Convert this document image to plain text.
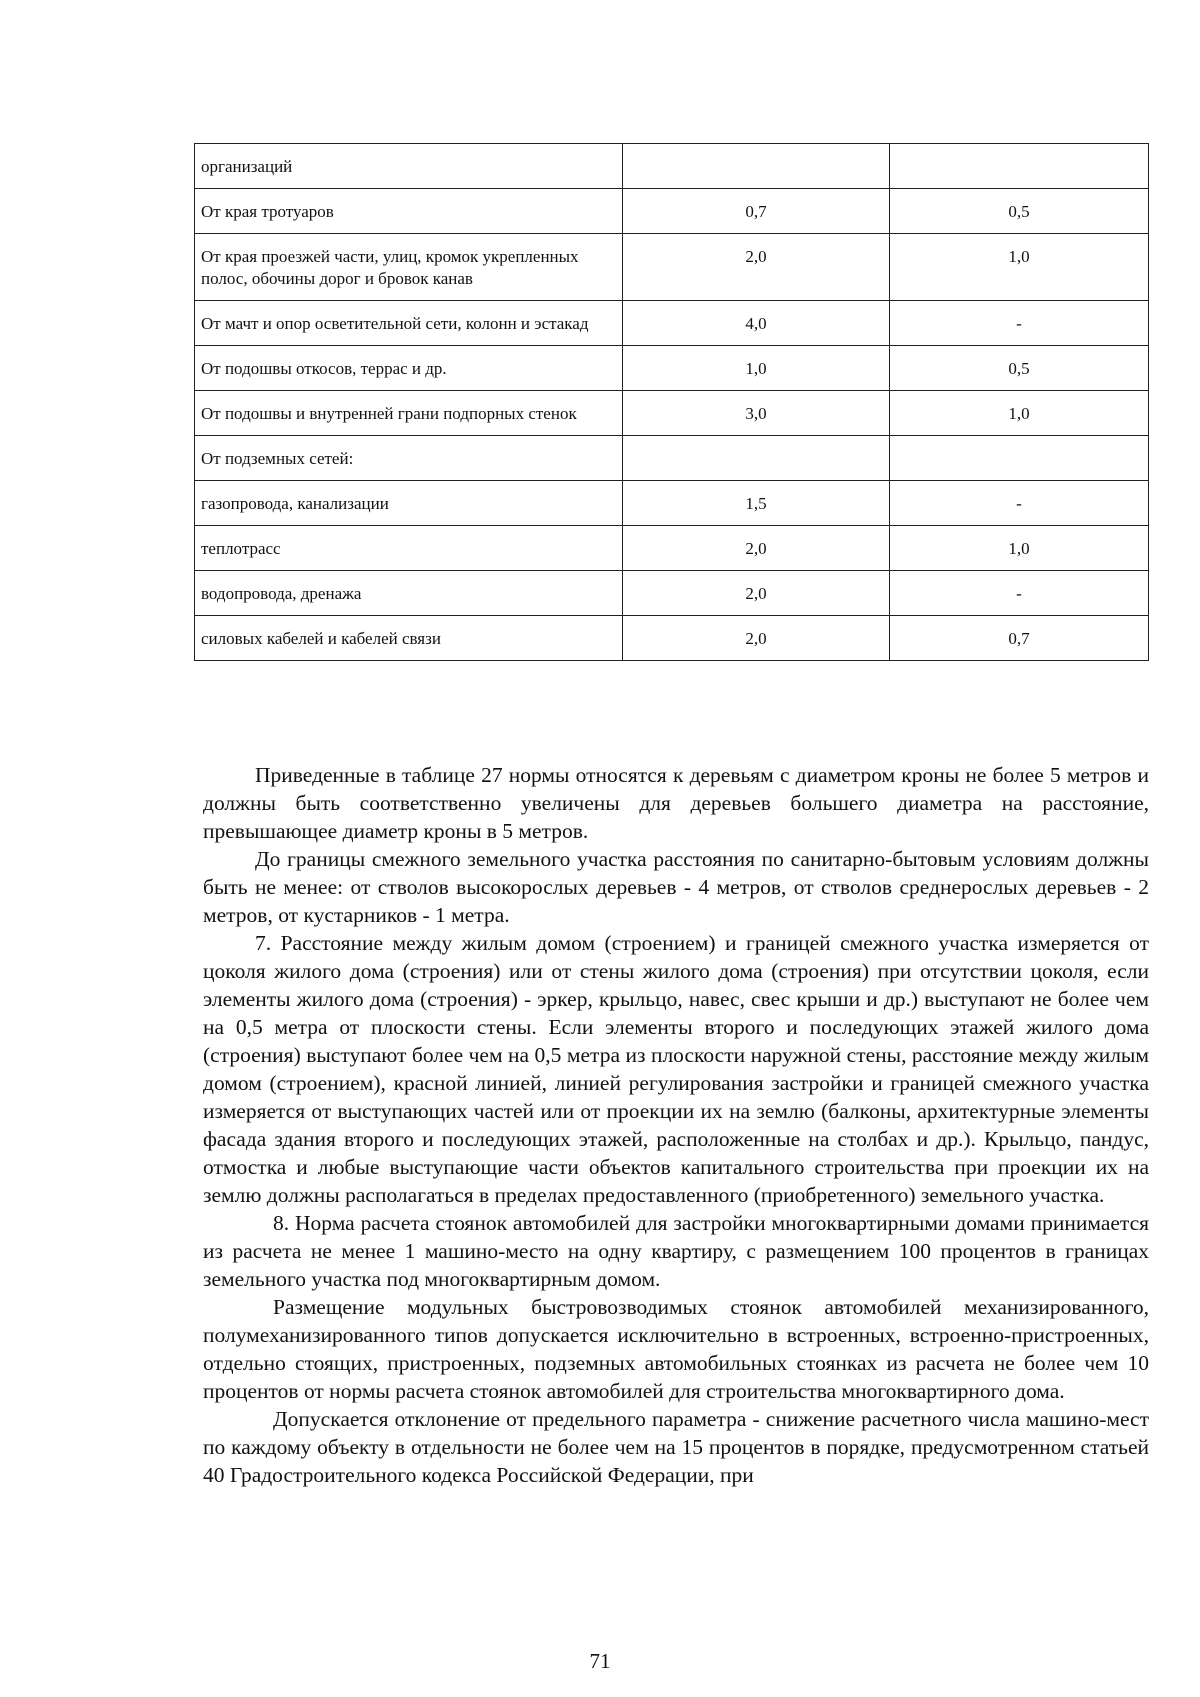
организаций		
От края тротуаров	0,7	0,5
От края проезжей части, улиц, кромок укрепленных полос, обочины дорог и бровок канав	2,0	1,0
От мачт и опор осветительной сети, колонн и эстакад	4,0	-
От подошвы откосов, террас и др.	1,0	0,5
От подошвы и внутренней грани подпорных стенок	3,0	1,0
От подземных сетей:		
газопровода, канализации	1,5	-
теплотрасс	2,0	1,0
водопровода, дренажа	2,0	-
силовых кабелей и кабелей связи	2,0	0,7

Приведенные в таблице 27 нормы относятся к деревьям с диаметром кроны не более 5 метров и должны быть соответственно увеличены для деревьев большего диаметра на расстояние, превышающее диаметр кроны в 5 метров.

До границы смежного земельного участка расстояния по санитарно-бытовым условиям должны быть не менее: от стволов высокорослых деревьев - 4 метров, от стволов среднерослых деревьев - 2 метров, от кустарников - 1 метра.

7. Расстояние между жилым домом (строением) и границей смежного участка измеряется от цоколя жилого дома (строения) или от стены жилого дома (строения) при отсутствии цоколя, если элементы жилого дома (строения) - эркер, крыльцо, навес, свес крыши и др.) выступают не более чем на 0,5 метра от плоскости стены. Если элементы второго и последующих этажей жилого дома (строения) выступают более чем на 0,5 метра из плоскости наружной стены, расстояние между жилым домом (строением), красной линией, линией регулирования застройки и границей смежного участка измеряется от выступающих частей или от проекции их на землю (балконы, архитектурные элементы фасада здания второго и последующих этажей, расположенные на столбах и др.). Крыльцо, пандус, отмостка и любые выступающие части объектов капитального строительства при проекции их на землю должны располагаться в пределах предоставленного (приобретенного) земельного участка.

8. Норма расчета стоянок автомобилей для застройки многоквартирными домами принимается из расчета не менее 1 машино-место на одну квартиру, с размещением 100 процентов в границах земельного участка под многоквартирным домом.

Размещение модульных быстровозводимых стоянок автомобилей механизированного, полумеханизированного типов допускается исключительно в встроенных, встроенно-пристроенных, отдельно стоящих, пристроенных, подземных автомобильных стоянках из расчета не более чем 10 процентов от нормы расчета стоянок автомобилей для строительства многоквартирного дома.

Допускается отклонение от предельного параметра - снижение расчетного числа машино-мест по каждому объекту в отдельности не более чем на 15 процентов в порядке, предусмотренном статьей 40 Градостроительного кодекса Российской Федерации, при

71
